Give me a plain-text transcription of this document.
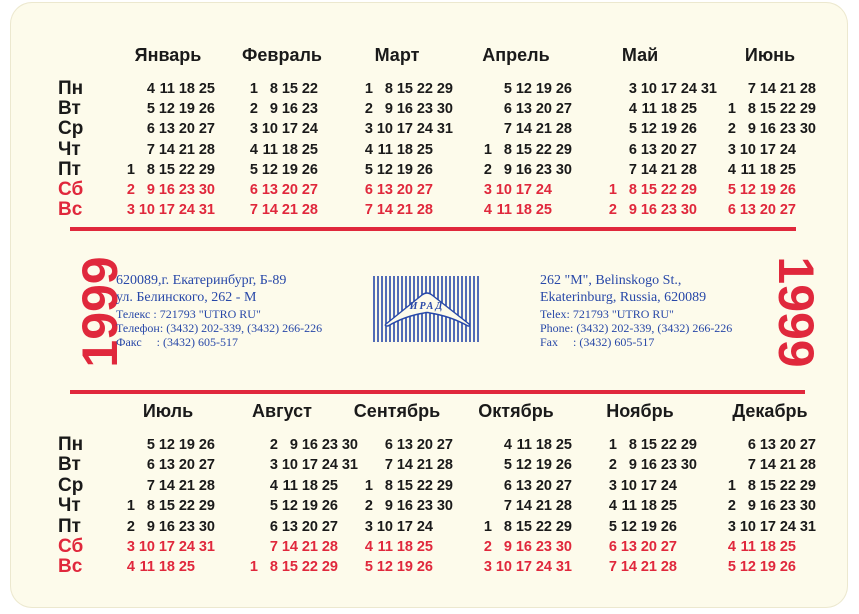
1999	1999
620089,г. Екатеринбург, Б-89
ул. Белинского, 262 - М
Телекс : 721793 "UTRO RU"
Телефон: (3432) 202-339, (3432) 266-226
Факс     : (3432) 605-517
ИРАД
262 "M", Belinskogo St.,
Ekaterinburg, Russia, 620089
Telex: 721793 "UTRO RU"
Phone: (3432) 202-339, (3432) 266-226
Fax     : (3432) 605-517
Пн
Вт
Ср
Чт
Пт
Сб
Вс
Январь
1
2
3
4
5
6
7
8
9
10
11
12
13
14
15
16
17
18
19
20
21
22
23
24
25
26
27
28
29
30
31
Февраль
1
2
3
4
5
6
7
8
9
10
11
12
13
14
15
16
17
18
19
20
21
22
23
24
25
26
27
28
Март
1
2
3
4
5
6
7
8
9
10
11
12
13
14
15
16
17
18
19
20
21
22
23
24
25
26
27
28
29
30
31
Апрель
1
2
3
4
5
6
7
8
9
10
11
12
13
14
15
16
17
18
19
20
21
22
23
24
25
26
27
28
29
30
Май
1
2
3
4
5
6
7
8
9
10
11
12
13
14
15
16
17
18
19
20
21
22
23
24
25
26
27
28
29
30
31
Июнь
1
2
3
4
5
6
7
8
9
10
11
12
13
14
15
16
17
18
19
20
21
22
23
24
25
26
27
28
29
30
Пн
Вт
Ср
Чт
Пт
Сб
Вс
Июль
1
2
3
4
5
6
7
8
9
10
11
12
13
14
15
16
17
18
19
20
21
22
23
24
25
26
27
28
29
30
31
Август
1
2
3
4
5
6
7
8
9
10
11
12
13
14
15
16
17
18
19
20
21
22
23
24
25
26
27
28
29
30
31
Сентябрь
1
2
3
4
5
6
7
8
9
10
11
12
13
14
15
16
17
18
19
20
21
22
23
24
25
26
27
28
29
30
Октябрь
1
2
3
4
5
6
7
8
9
10
11
12
13
14
15
16
17
18
19
20
21
22
23
24
25
26
27
28
29
30
31
Ноябрь
1
2
3
4
5
6
7
8
9
10
11
12
13
14
15
16
17
18
19
20
21
22
23
24
25
26
27
28
29
30
Декабрь
1
2
3
4
5
6
7
8
9
10
11
12
13
14
15
16
17
18
19
20
21
22
23
24
25
26
27
28
29
30
31
